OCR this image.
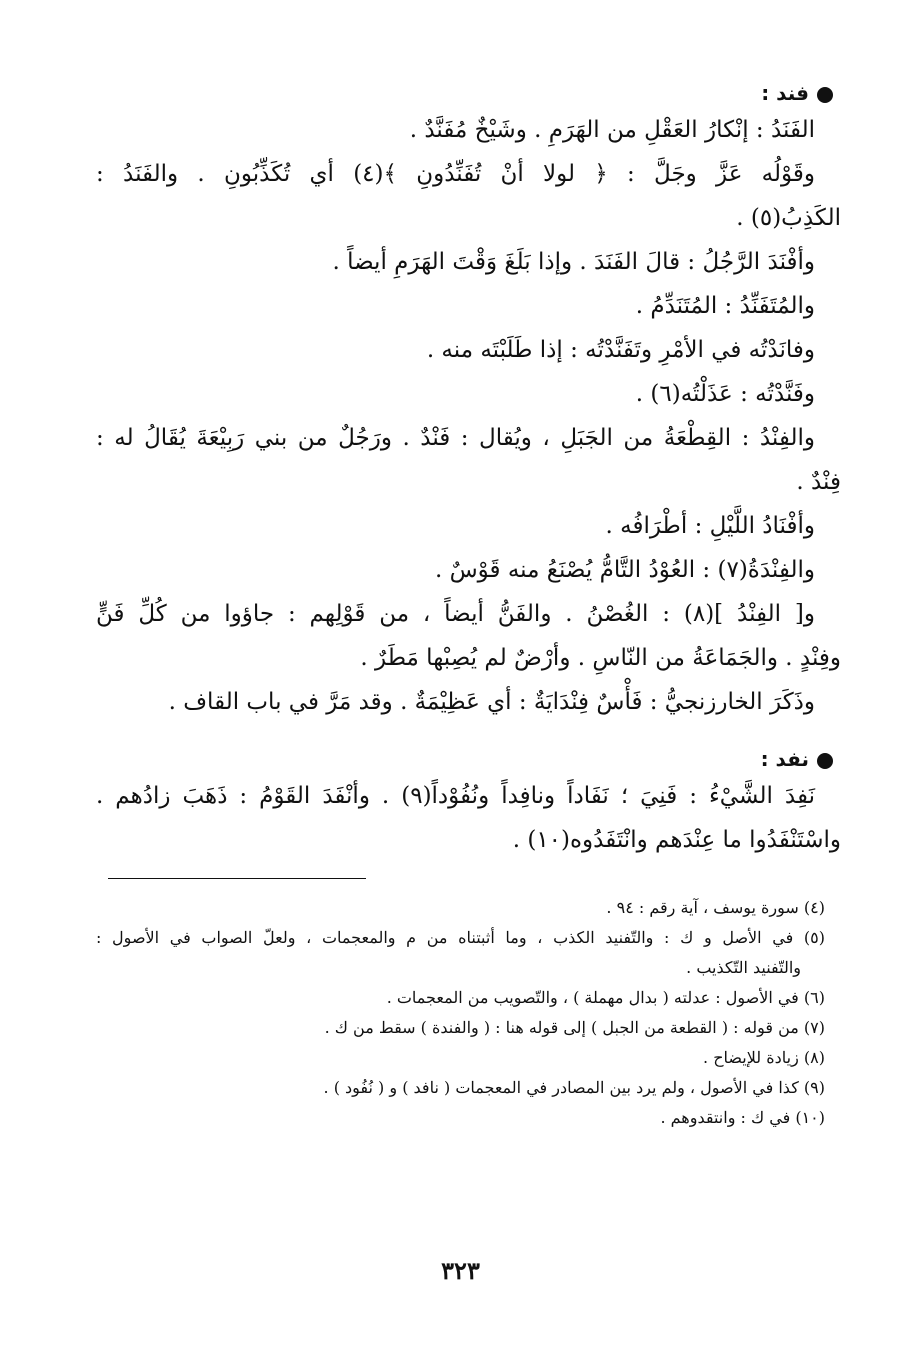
فند :
الفَنَدُ : إنْكارُ العَقْلِ من الهَرَمِ . وشَيْخٌ مُفَنَّدٌ .
وقَوْلُه عَزَّ وجَلَّ : ﴿ لولا أنْ تُفَنِّدُونِ ﴾(٤) أي تُكَذِّبُونِ . والفَنَدُ :
الكَذِبُ(٥) .
وأفْنَدَ الرَّجُلُ : قالَ الفَنَدَ . وإذا بَلَغَ وَقْتَ الهَرَمِ أيضاً .
والمُتَفَنِّدُ : المُتَنَدِّمُ .
وفانَدْتُه في الأمْرِ وتَفَنَّدْتُه : إذا طَلَبْتَه منه .
وفَنَّدْتُه : عَذَلْتُه(٦) .
والفِنْدُ : القِطْعَةُ من الجَبَلِ ، ويُقال : فَنْدٌ . ورَجُلٌ من بني رَبِيْعَةَ يُقَالُ له :
فِنْدٌ .
وأفْنَادُ اللَّيْلِ : أطْرَافُه .
والفِنْدَةُ(٧) : العُوْدُ التَّامُّ يُصْنَعُ منه قَوْسٌ .
و[ الفِنْدُ ](٨) : الغُصْنُ . والفَنُّ أيضاً ، من قَوْلِهم : جاؤوا من كُلِّ فَنٍّ
وفِنْدٍ . والجَمَاعَةُ من النّاسِ . وأرْضٌ لم يُصِبْها مَطَرٌ .
وذَكَرَ الخارزنجيُّ : فَأْسٌ فِنْدَايَةٌ : أي عَظِيْمَةٌ . وقد مَرَّ في باب القاف .
نفد :
نَفِدَ الشَّيْءُ : فَنِيَ ؛ نَفَاداً ونافِداً ونُفُوْداً(٩) . وأنْفَدَ القَوْمُ : ذَهَبَ زادُهم .
واسْتَنْفَدُوا ما عِنْدَهم وانْتَفَدُوه(١٠) .
(٤) سورة يوسف ، آية رقم : ٩٤ .
(٥) في الأصل و ك : والتّفنيد الكذب ، وما أثبتناه من م والمعجمات ، ولعلّ الصواب في الأصول :
والتّفنيد التّكذيب .
(٦) في الأصول : عدلته ( بدال مهملة ) ، والتّصويب من المعجمات .
(٧) من قوله : ( القطعة من الجبل ) إلى قوله هنا : ( والفندة ) سقط من ك .
(٨) زيادة للإيضاح .
(٩) كذا في الأصول ، ولم يرد بين المصادر في المعجمات ( نافد ) و ( نُفُود ) .
(١٠) في ك : وانتقدوهم .
٣٢٣
